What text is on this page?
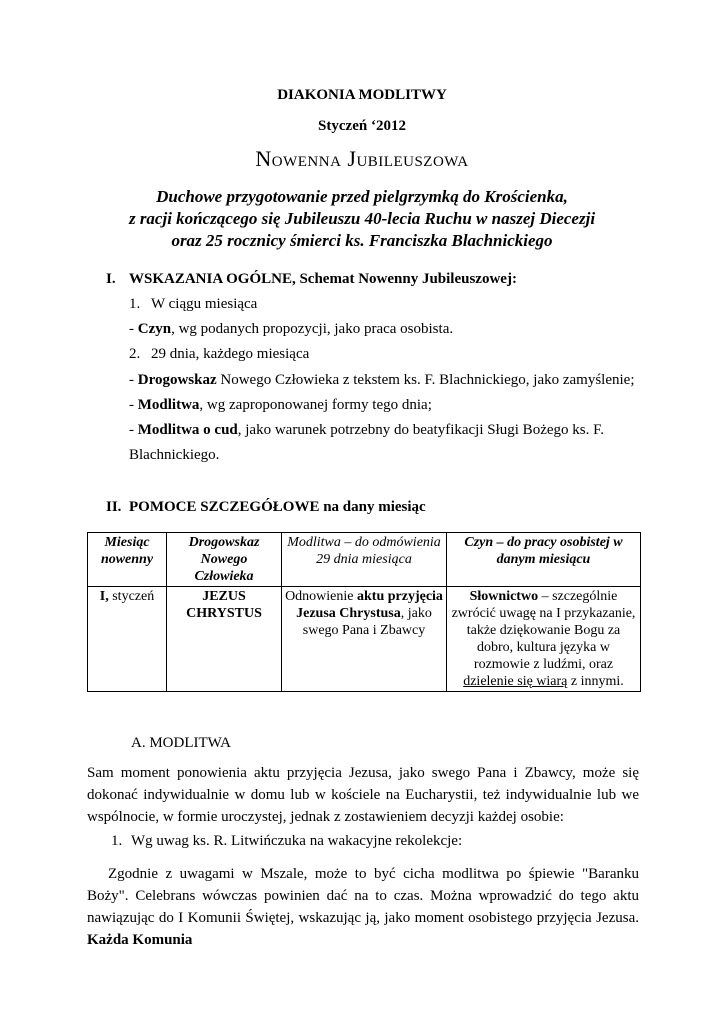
DIAKONIA MODLITWY
Styczeń ‘2012
Nowenna Jubileuszowa
Duchowe przygotowanie przed pielgrzymką do Krościenka,
z racji kończącego się Jubileuszu 40-lecia Ruchu w naszej Diecezji
oraz 25 rocznicy śmierci ks. Franciszka Blachnickiego
I. WSKAZANIA OGÓLNE, Schemat Nowenny Jubileuszowej:
1. W ciągu miesiąca
- Czyn, wg podanych propozycji, jako praca osobista.
2. 29 dnia, każdego miesiąca
- Drogowskaz Nowego Człowieka z tekstem ks. F. Blachnickiego, jako zamyślenie;
- Modlitwa, wg zaproponowanej formy tego dnia;
- Modlitwa o cud, jako warunek potrzebny do beatyfikacji Sługi Bożego ks. F.
Blachnickiego.
II. POMOCE SZCZEGÓŁOWE na dany miesiąc
Miesiąc nowenny	Drogowskaz Nowego Człowieka	Modlitwa – do odmówienia 29 dnia miesiąca	Czyn – do pracy osobistej w danym miesiącu
I, styczeń	JEZUS CHRYSTUS	Odnowienie aktu przyjęcia Jezusa Chrystusa, jako swego Pana i Zbawcy	Słownictwo – szczególnie zwrócić uwagę na I przykazanie, także dziękowanie Bogu za dobro, kultura języka w rozmowie z ludźmi, oraz dzielenie się wiarą z innymi.
A. MODLITWA
Sam moment ponowienia aktu przyjęcia Jezusa, jako swego Pana i Zbawcy, może się dokonać indywidualnie w domu lub w kościele na Eucharystii, też indywidualnie lub we wspólnocie, w formie uroczystej, jednak z zostawieniem decyzji każdej osobie:
1. Wg uwag ks. R. Litwińczuka na wakacyjne rekolekcje:
Zgodnie z uwagami w Mszale, może to być cicha modlitwa po śpiewie "Baranku Boży". Celebrans wówczas powinien dać na to czas. Można wprowadzić do tego aktu nawiązując do I Komunii Świętej, wskazując ją, jako moment osobistego przyjęcia Jezusa. Każda Komunia
